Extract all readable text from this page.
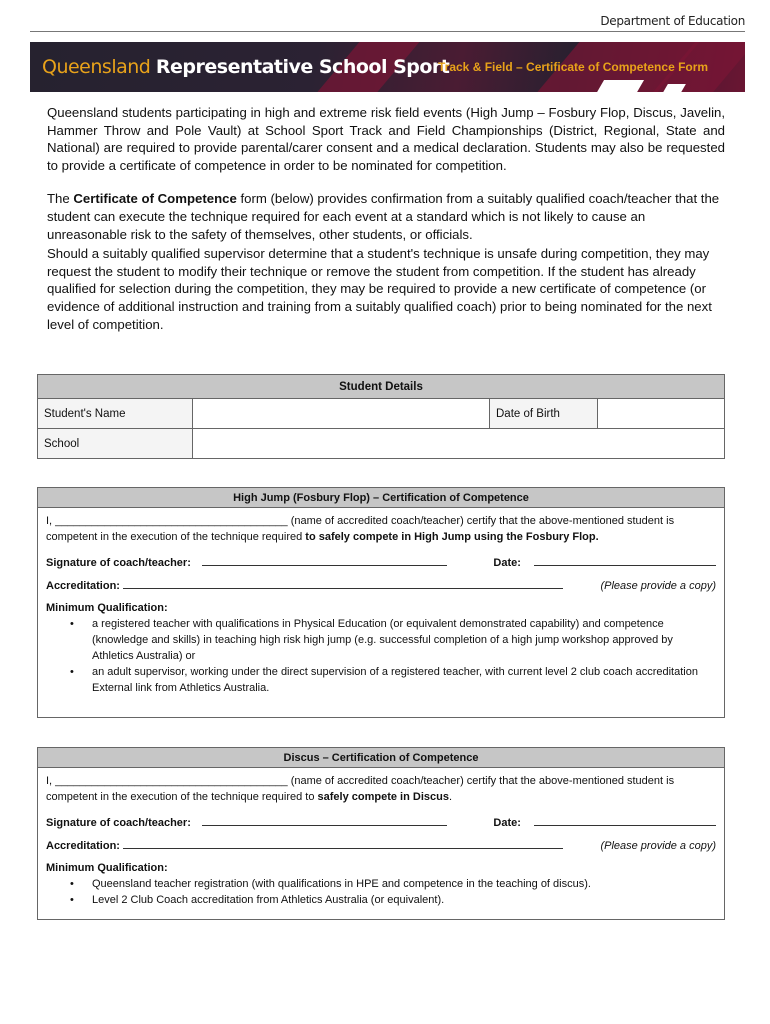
Department of Education
Queensland Representative School Sport
Track & Field – Certificate of Competence Form

Queensland students participating in high and extreme risk field events (High Jump – Fosbury Flop, Discus, Javelin, Hammer Throw and Pole Vault) at School Sport Track and Field Championships (District, Regional, State and National) are required to provide parental/carer consent and a medical declaration. Students may also be requested to provide a certificate of competence in order to be nominated for competition.

The Certificate of Competence form (below) provides confirmation from a suitably qualified coach/teacher that the student can execute the technique required for each event at a standard which is not likely to cause an unreasonable risk to the safety of themselves, other students, or officials.

Should a suitably qualified supervisor determine that a student's technique is unsafe during competition, they may request the student to modify their technique or remove the student from competition. If the student has already qualified for selection during the competition, they may be required to provide a new certificate of competence (or evidence of additional instruction and training from a suitably qualified coach) prior to being nominated for the next level of competition.

Student Details			
Student's Name		Date of Birth	
School			
High Jump (Fosbury Flop) – Certification of Competence

I, ______________________________________ (name of accredited coach/teacher) certify that the above-mentioned student is competent in the execution of the technique required to safely compete in High Jump using the Fosbury Flop.

Signature of coach/teacher:	Date:
Accreditation:	(Please provide a copy)

Minimum Qualification:

• a registered teacher with qualifications in Physical Education (or equivalent demonstrated capability) and competence (knowledge and skills) in teaching high risk high jump (e.g. successful completion of a high jump workshop approved by Athletics Australia) or
• an adult supervisor, working under the direct supervision of a registered teacher, with current level 2 club coach accreditation External link from Athletics Australia.
Discus – Certification of Competence

I, ______________________________________ (name of accredited coach/teacher) certify that the above-mentioned student is competent in the execution of the technique required to safely compete in Discus.

Signature of coach/teacher:	Date:
Accreditation:	(Please provide a copy)

Minimum Qualification:

• Queensland teacher registration (with qualifications in HPE and competence in the teaching of discus).
• Level 2 Club Coach accreditation from Athletics Australia (or equivalent).
